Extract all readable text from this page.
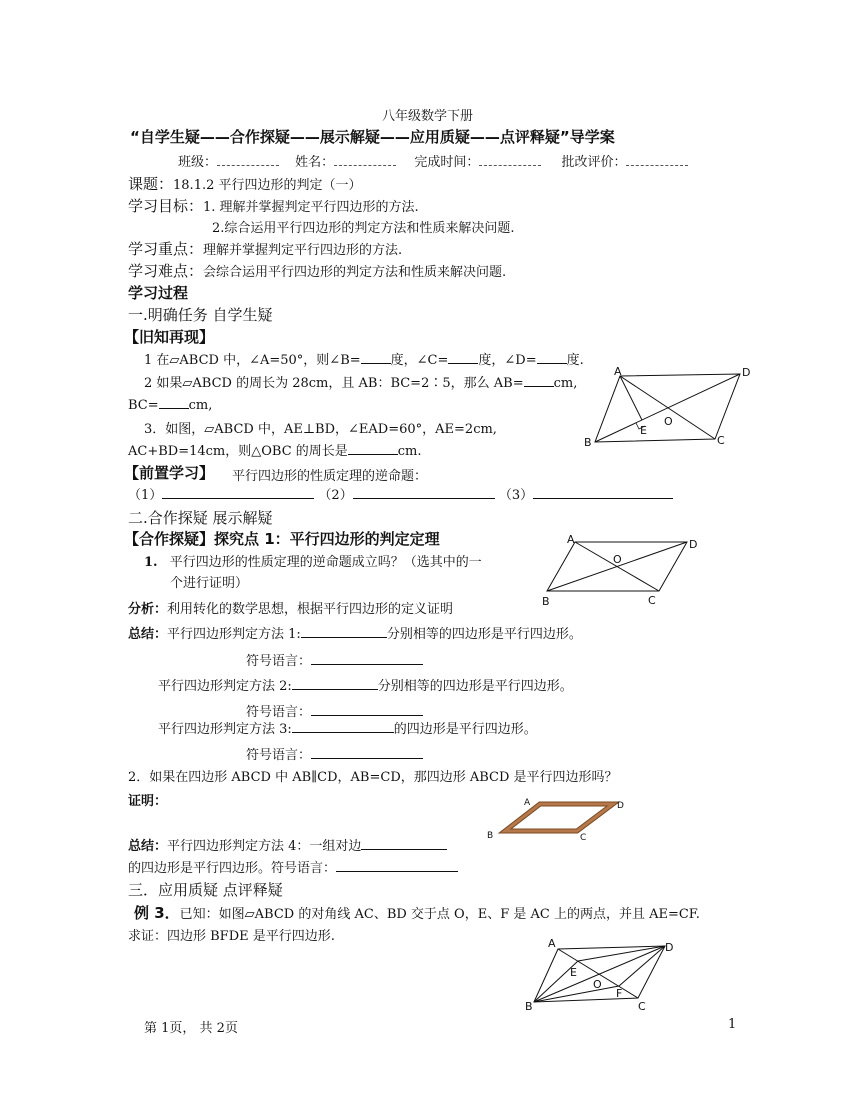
八年级数学下册
“自学生疑——合作探疑——展示解疑——应用质疑——点评释疑”导学案
班级：	姓名：	完成时间：	批改评价：
课题：18.1.2 平行四边形的判定（一）
学习目标：1. 理解并掌握判定平行四边形的方法.
2.综合运用平行四边形的判定方法和性质来解决问题.
学习重点：理解并掌握判定平行四边形的方法.
学习难点：会综合运用平行四边形的判定方法和性质来解决问题.
学习过程
一.明确任务 自学生疑
【旧知再现】
1 在▱ABCD 中，∠A=50°，则∠B= 度，∠C= 度，∠D= 度.
2 如果▱ABCD 的周长为 28cm，且 AB：BC=2∶5，那么 AB= cm,
BC= cm,
3．如图，▱ABCD 中，AE⊥BD，∠EAD=60°，AE=2cm,
AC+BD=14cm，则△OBC 的周长是	cm.
A	D
B	C
E
O
【前置学习】 平行四边形的性质定理的逆命题：
（1）	（2）	（3）
二.合作探疑 展示解疑
【合作探疑】探究点 1：平行四边形的判定定理
1. 平行四边形的性质定理的逆命题成立吗？（选其中的一
个进行证明）
A	D
O
B	C
分析：利用转化的数学思想，根据平行四边形的定义证明
总结：平行四边形判定方法 1:	分别相等的四边形是平行四边形。
符号语言：
平行四边形判定方法 2:	分别相等的四边形是平行四边形。
符号语言：
平行四边形判定方法 3:	的四边形是平行四边形。
符号语言：
2．如果在四边形 ABCD 中 AB∥CD，AB=CD，那四边形 ABCD 是平行四边形吗？
证明：	A	D
B	C
总结：平行四边形判定方法 4：一组对边
的四边形是平行四边形。符号语言：
三．应用质疑 点评释疑
例 3．已知：如图▱ABCD 的对角线 AC、BD 交于点 O，E、F 是 AC 上的两点，并且 AE=CF.
求证：四边形 BFDE 是平行四边形.	A	D
E
O
F
B	C
第 1页， 共 2页	1
